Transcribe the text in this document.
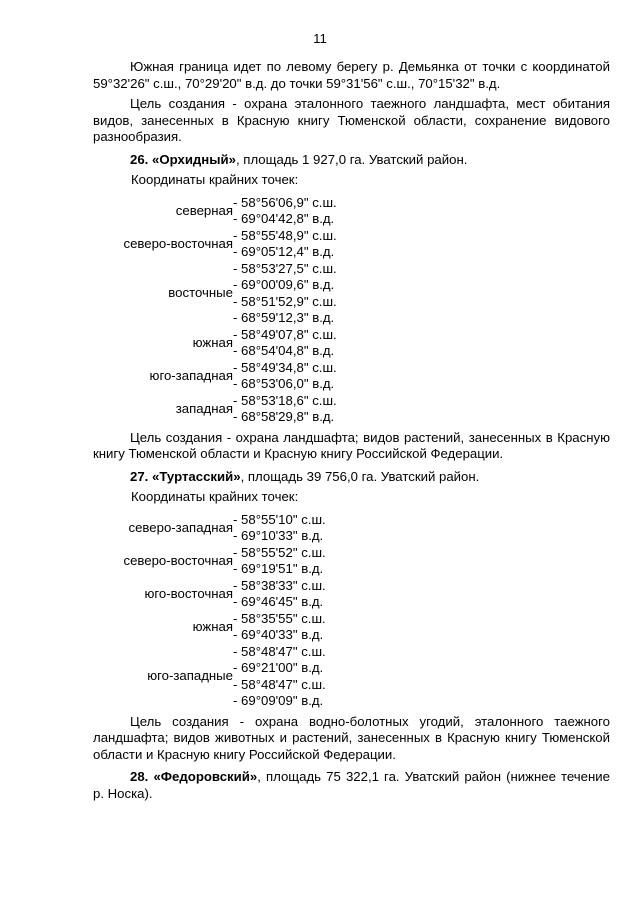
11

Южная граница идет по левому берегу р. Демьянка от точки с координатой 59°32'26" с.ш., 70°29'20" в.д. до точки 59°31'56" с.ш., 70°15'32" в.д.

Цель создания - охрана эталонного таежного ландшафта, мест обитания видов, занесенных в Красную книгу Тюменской области, сохранение видового разнообразия.

26. «Орхидный», площадь 1 927,0 га. Уватский район.

Координаты крайних точек:

северная	- 58°56'06,9" с.ш.
- 69°04'42,8" в.д.

северо-восточная	- 58°55'48,9" с.ш.
- 69°05'12,4" в.д.

восточные	- 58°53'27,5" с.ш.
- 69°00'09,6" в.д.
- 58°51'52,9" с.ш.
- 68°59'12,3" в.д.

южная	- 58°49'07,8" с.ш.
- 68°54'04,8" в.д.

юго-западная	- 58°49'34,8" с.ш.
- 68°53'06,0" в.д.

западная	- 58°53'18,6" с.ш.
- 68°58'29,8" в.д.

Цель создания - охрана ландшафта; видов растений, занесенных в Красную книгу Тюменской области и Красную книгу Российской Федерации.

27. «Туртасский», площадь 39 756,0 га. Уватский район.

Координаты крайних точек:

северо-западная	- 58°55'10" с.ш.
- 69°10'33" в.д.

северо-восточная	- 58°55'52" с.ш.
- 69°19'51" в.д.

юго-восточная	- 58°38'33" с.ш.
- 69°46'45" в.д.

южная	- 58°35'55" с.ш.
- 69°40'33" в.д.

юго-западные	- 58°48'47" с.ш.
- 69°21'00" в.д.
- 58°48'47" с.ш.
- 69°09'09" в.д.

Цель создания - охрана водно-болотных угодий, эталонного таежного ландшафта; видов животных и растений, занесенных в Красную книгу Тюменской области и Красную книгу Российской Федерации.

28. «Федоровский», площадь 75 322,1 га. Уватский район (нижнее течение р. Носка).
